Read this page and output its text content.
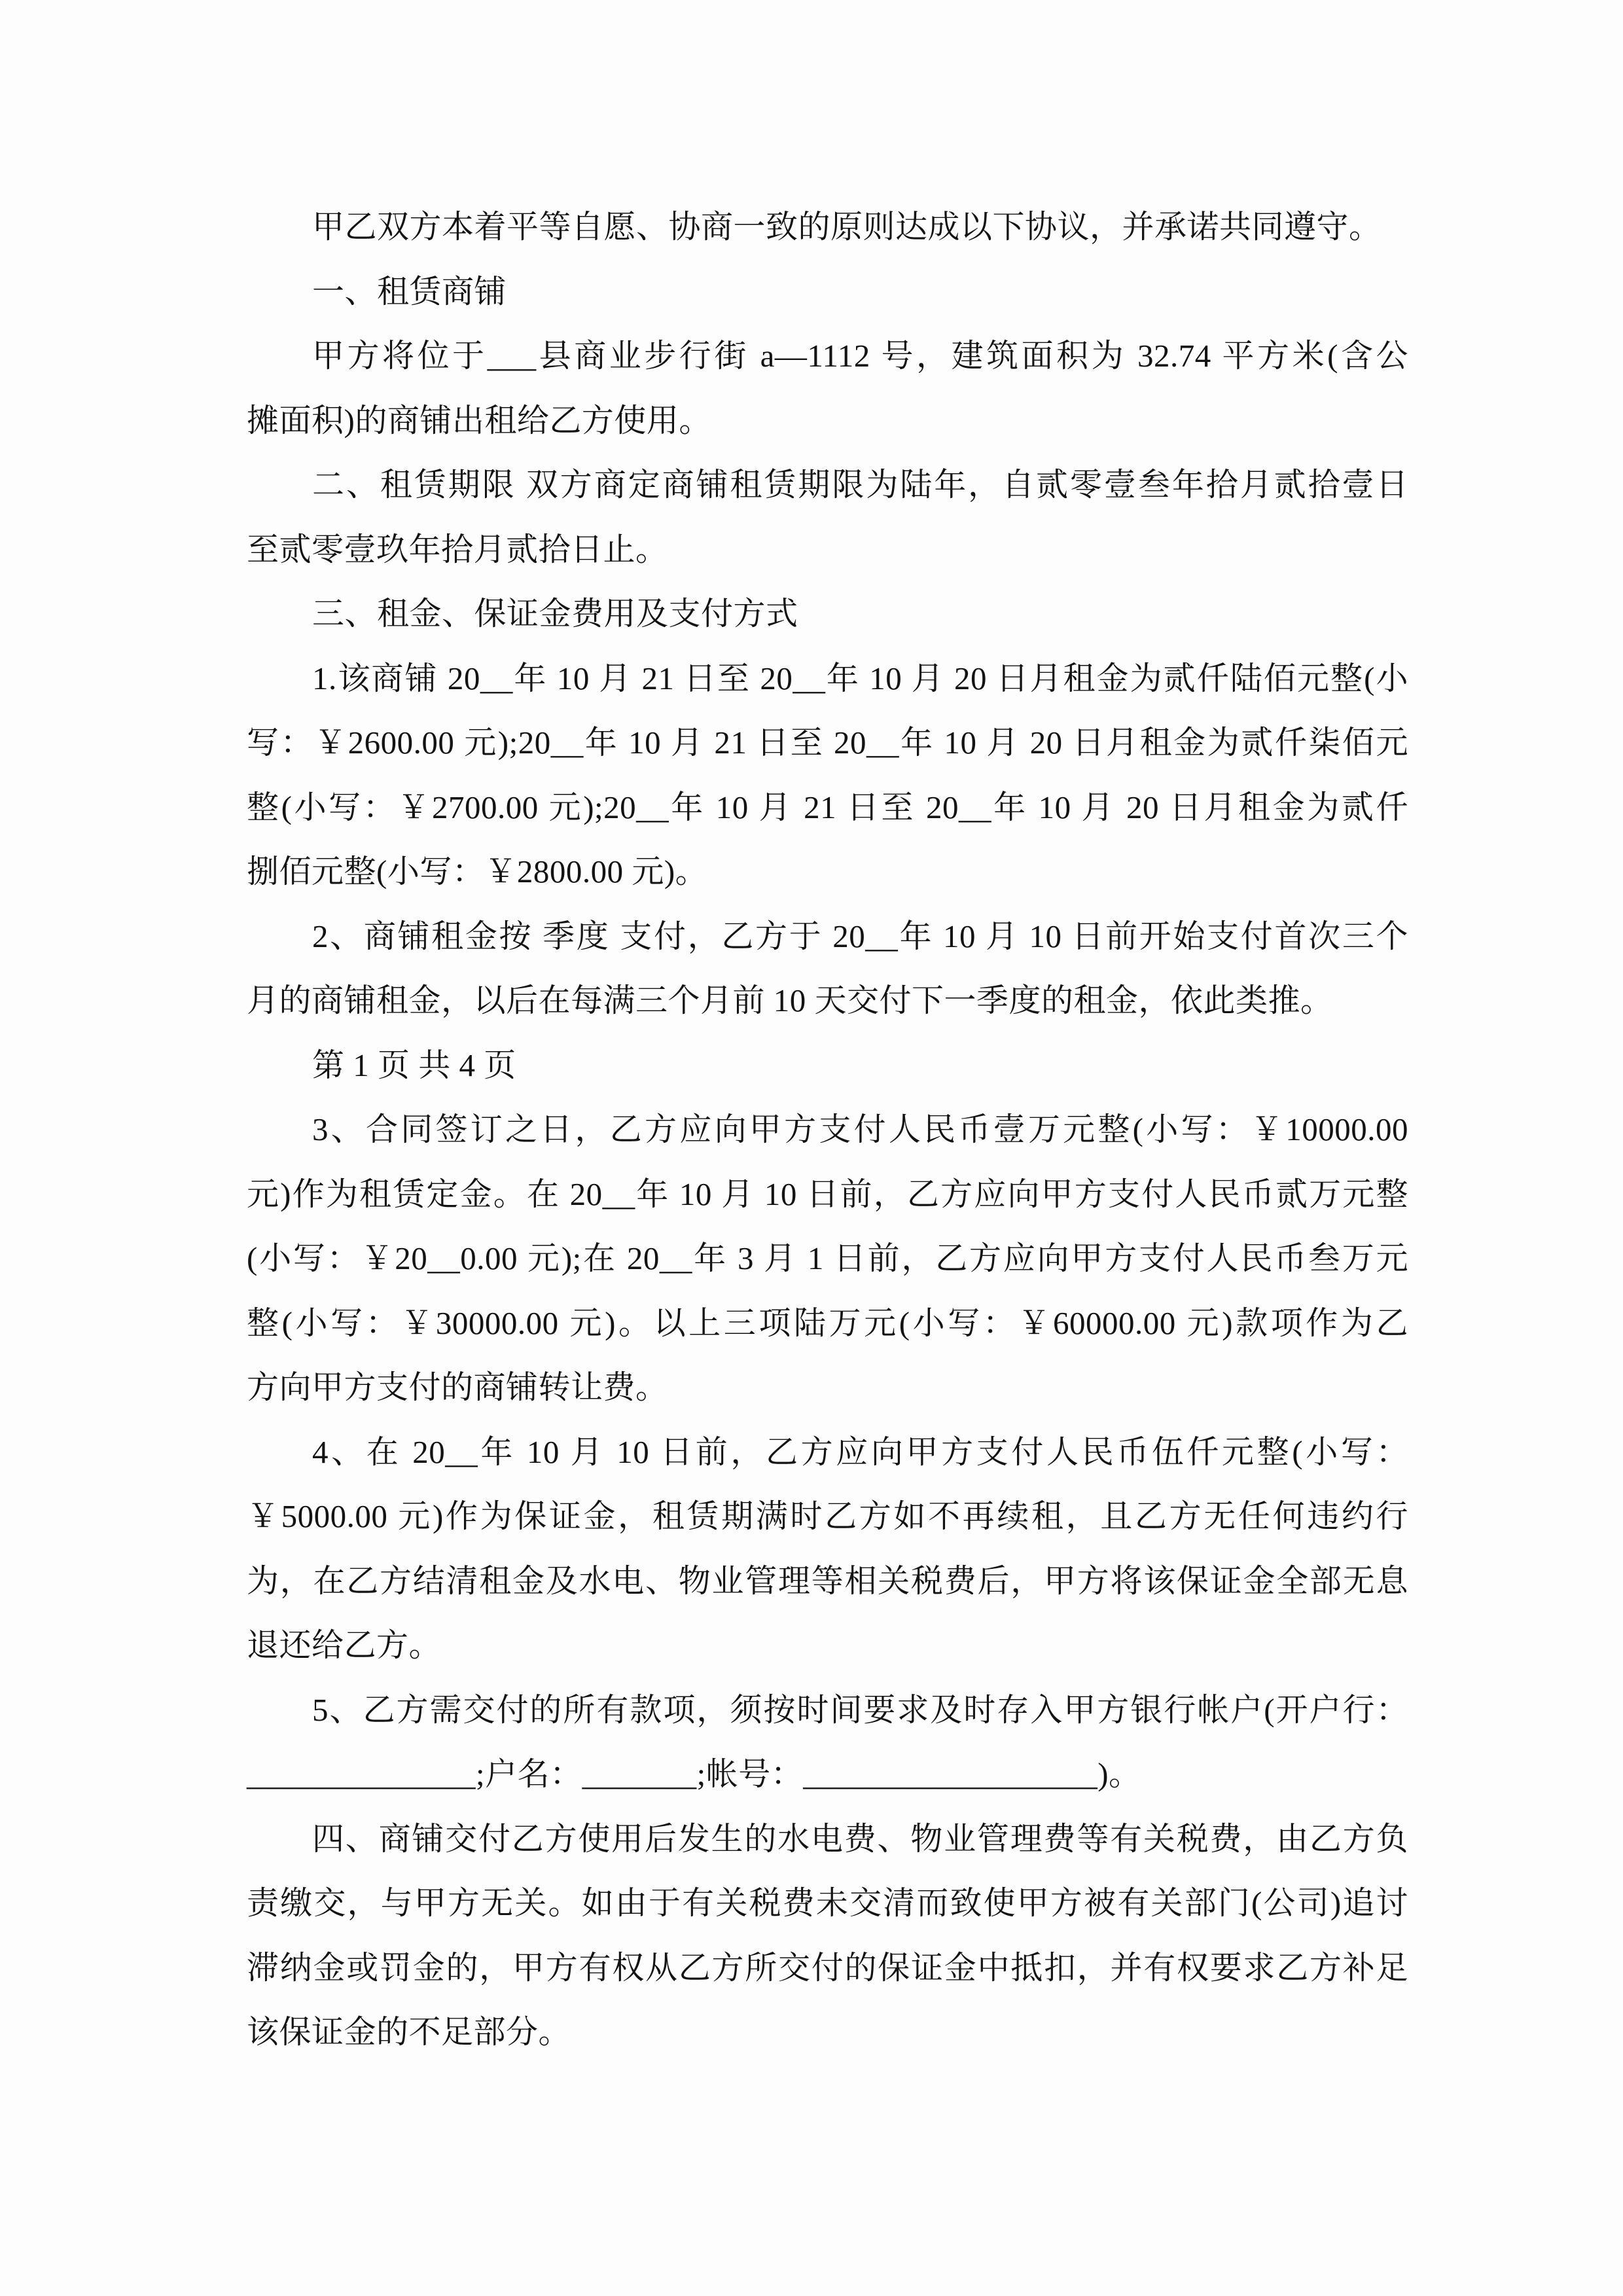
甲乙双方本着平等自愿、协商一致的原则达成以下协议，并承诺共同遵守。
一、租赁商铺
甲方将位于___县商业步行街 a—1112 号，建筑面积为 32.74 平方米(含公
摊面积)的商铺出租给乙方使用。
二、租赁期限 双方商定商铺租赁期限为陆年，自贰零壹叁年拾月贰拾壹日
至贰零壹玖年拾月贰拾日止。
三、租金、保证金费用及支付方式
1.该商铺 20__年 10 月 21 日至 20__年 10 月 20 日月租金为贰仟陆佰元整(小
写：￥2600.00 元);20__年 10 月 21 日至 20__年 10 月 20 日月租金为贰仟柒佰元
整(小写：￥2700.00 元);20__年 10 月 21 日至 20__年 10 月 20 日月租金为贰仟
捌佰元整(小写：￥2800.00 元)。
2、商铺租金按 季度 支付，乙方于 20__年 10 月 10 日前开始支付首次三个
月的商铺租金，以后在每满三个月前 10 天交付下一季度的租金，依此类推。
第 1 页 共 4 页
3、合同签订之日，乙方应向甲方支付人民币壹万元整(小写：￥10000.00
元)作为租赁定金。在 20__年 10 月 10 日前，乙方应向甲方支付人民币贰万元整
(小写：￥20__0.00 元);在 20__年 3 月 1 日前，乙方应向甲方支付人民币叁万元
整(小写：￥30000.00 元)。以上三项陆万元(小写：￥60000.00 元)款项作为乙
方向甲方支付的商铺转让费。
4、在 20__年 10 月 10 日前，乙方应向甲方支付人民币伍仟元整(小写：
￥5000.00 元)作为保证金，租赁期满时乙方如不再续租，且乙方无任何违约行
为，在乙方结清租金及水电、物业管理等相关税费后，甲方将该保证金全部无息
退还给乙方。
5、乙方需交付的所有款项，须按时间要求及时存入甲方银行帐户(开户行：
______________;户名：_______;帐号：__________________)。
四、商铺交付乙方使用后发生的水电费、物业管理费等有关税费，由乙方负
责缴交，与甲方无关。如由于有关税费未交清而致使甲方被有关部门(公司)追讨
滞纳金或罚金的，甲方有权从乙方所交付的保证金中抵扣，并有权要求乙方补足
该保证金的不足部分。
